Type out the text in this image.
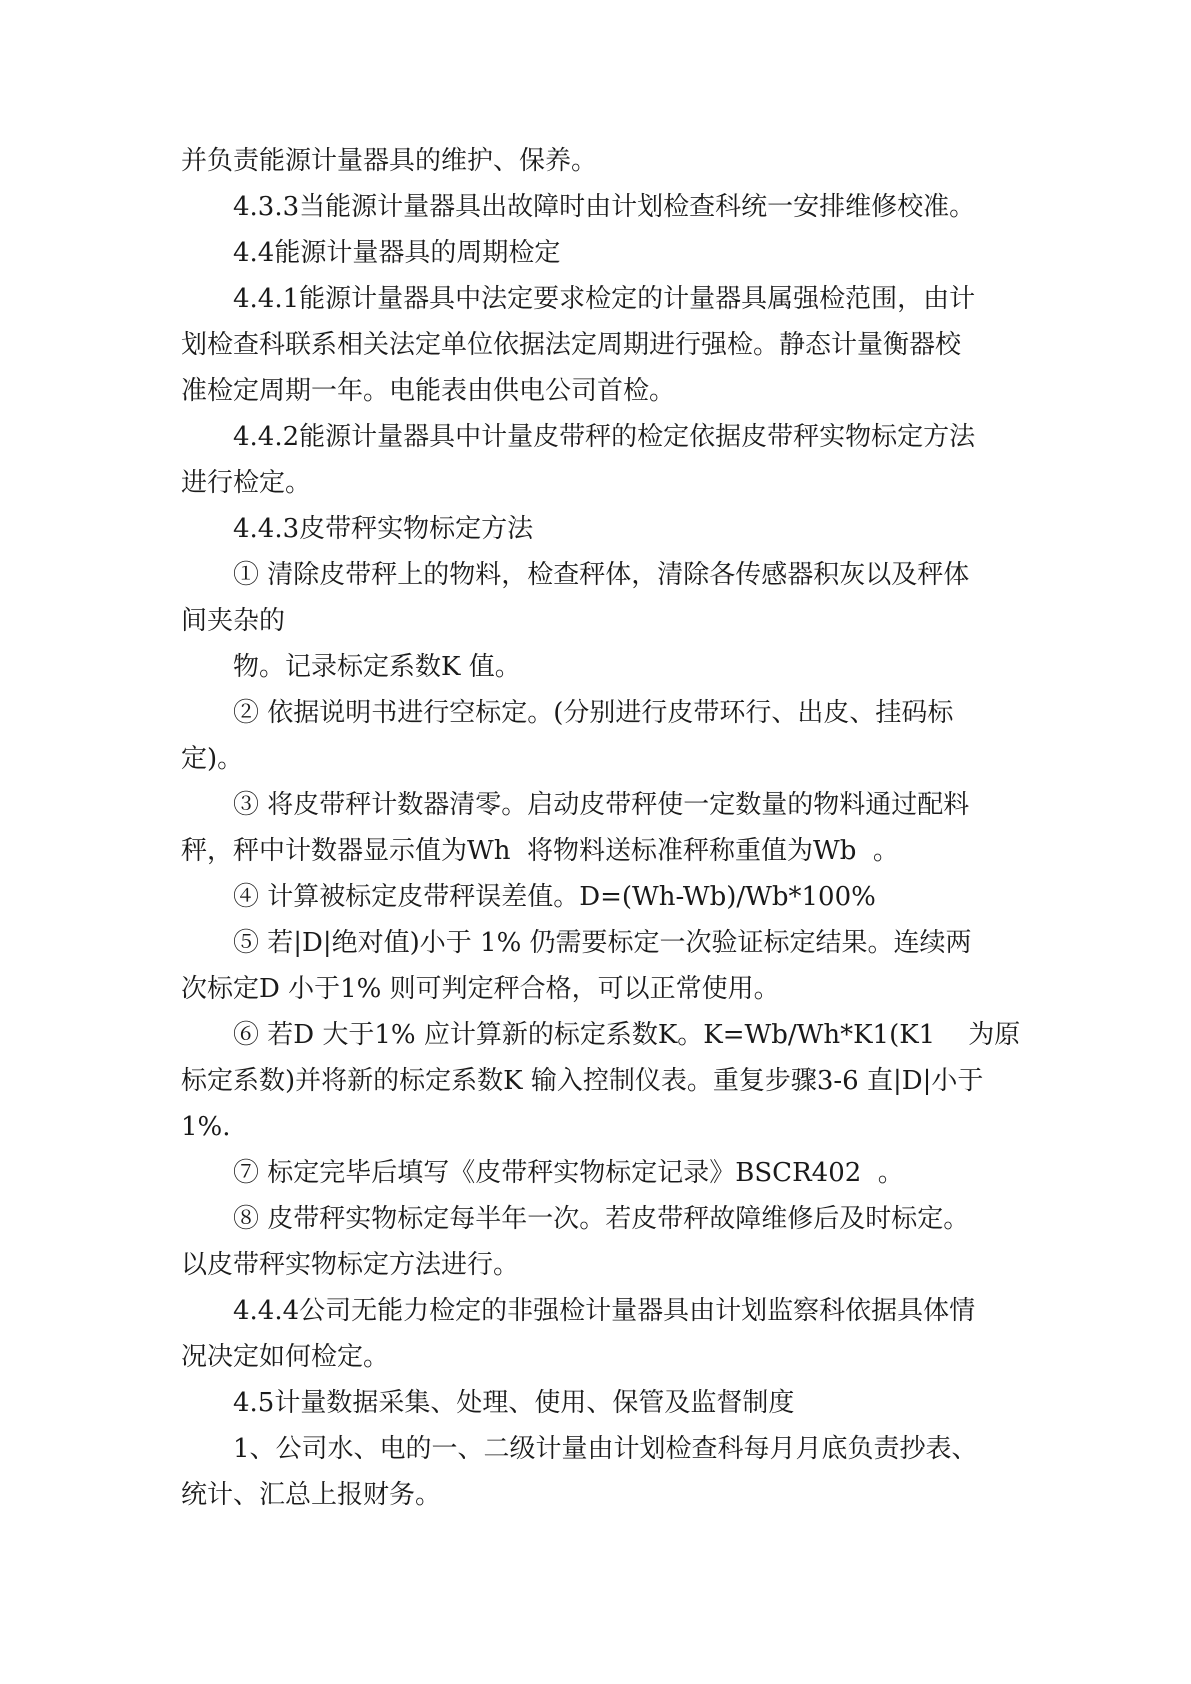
并负责能源计量器具的维护、保养。
4.3.3当能源计量器具出故障时由计划检查科统一安排维修校准。
4.4能源计量器具的周期检定
4.4.1能源计量器具中法定要求检定的计量器具属强检范围，由计
划检查科联系相关法定单位依据法定周期进行强检。静态计量衡器校
准检定周期一年。电能表由供电公司首检。
4.4.2能源计量器具中计量皮带秤的检定依据皮带秤实物标定方法
进行检定。
4.4.3皮带秤实物标定方法
① 清除皮带秤上的物料，检查秤体，清除各传感器积灰以及秤体
间夹杂的
物。记录标定系数K 值。
② 依据说明书进行空标定。(分别进行皮带环行、出皮、挂码标
定)。
③ 将皮带秤计数器清零。启动皮带秤使一定数量的物料通过配料
秤，秤中计数器显示值为Wh  将物料送标准秤称重值为Wb  。
④ 计算被标定皮带秤误差值。D=(Wh-Wb)/Wb*100%
⑤ 若|D|绝对值)小于 1% 仍需要标定一次验证标定结果。连续两
次标定D 小于1% 则可判定秤合格，可以正常使用。
⑥ 若D 大于1% 应计算新的标定系数K。K=Wb/Wh*K1(K1    为原
标定系数)并将新的标定系数K 输入控制仪表。重复步骤3-6 直|D|小于
1%.
⑦ 标定完毕后填写《皮带秤实物标定记录》BSCR402  。
⑧ 皮带秤实物标定每半年一次。若皮带秤故障维修后及时标定。
以皮带秤实物标定方法进行。
4.4.4公司无能力检定的非强检计量器具由计划监察科依据具体情
况决定如何检定。
4.5计量数据采集、处理、使用、保管及监督制度
1、公司水、电的一、二级计量由计划检查科每月月底负责抄表、
统计、汇总上报财务。
